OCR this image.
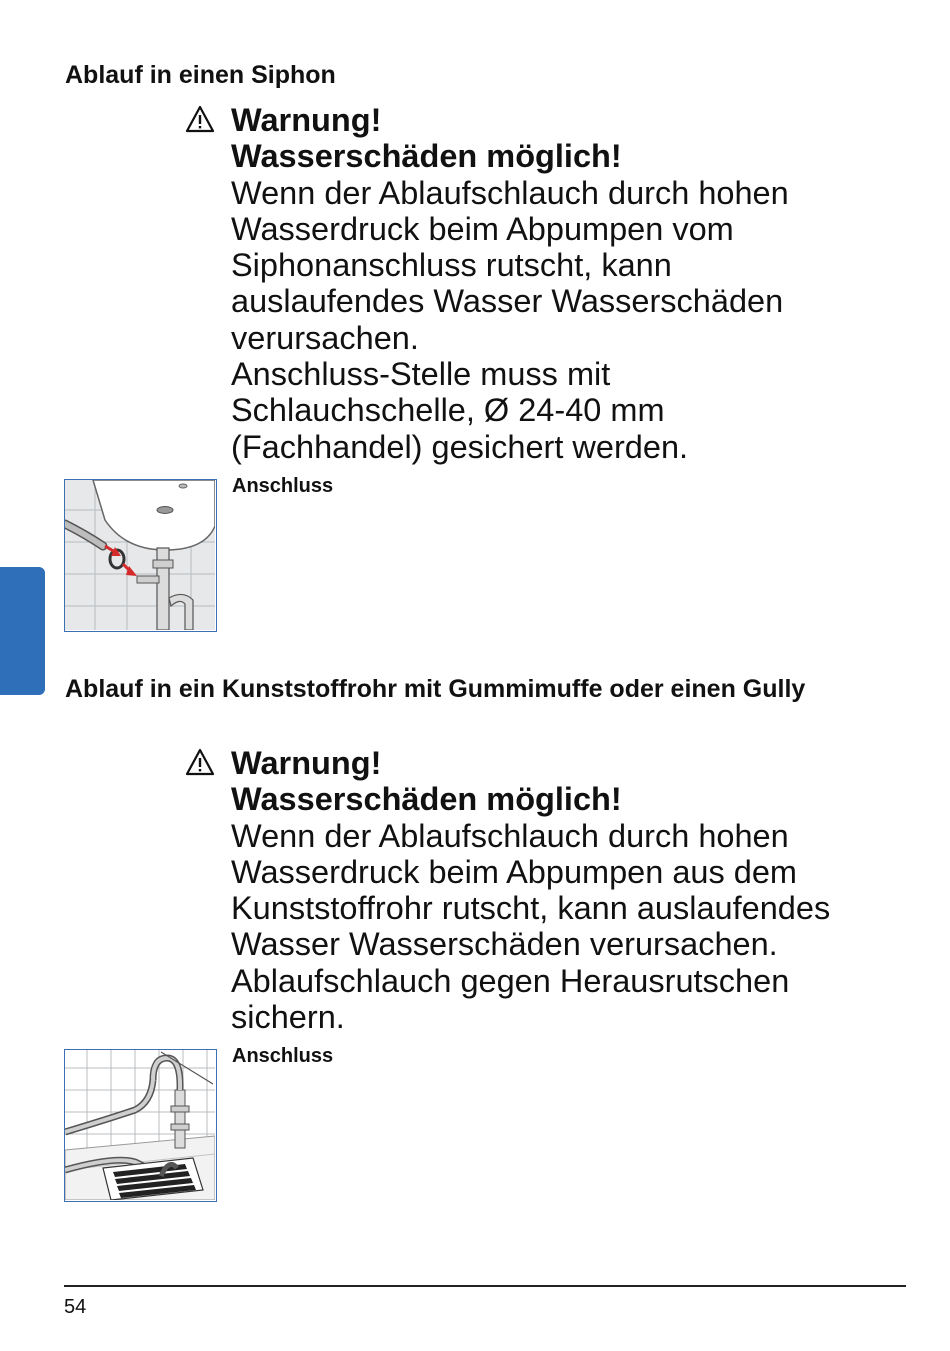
Ablauf in einen Siphon
Warnung!
Wasserschäden möglich!
Wenn der Ablaufschlauch durch hohen
Wasserdruck beim Abpumpen vom
Siphonanschluss rutscht, kann
auslaufendes Wasser Wasserschäden
verursachen.
Anschluss-Stelle muss mit
Schlauchschelle, Ø 24-40 mm
(Fachhandel) gesichert werden.
Anschluss
Ablauf in ein Kunststoffrohr mit Gummimuffe oder einen Gully
Warnung!
Wasserschäden möglich!
Wenn der Ablaufschlauch durch hohen
Wasserdruck beim Abpumpen aus dem
Kunststoffrohr rutscht, kann auslaufendes
Wasser Wasserschäden verursachen.
Ablaufschlauch gegen Herausrutschen
sichern.
Anschluss
54
